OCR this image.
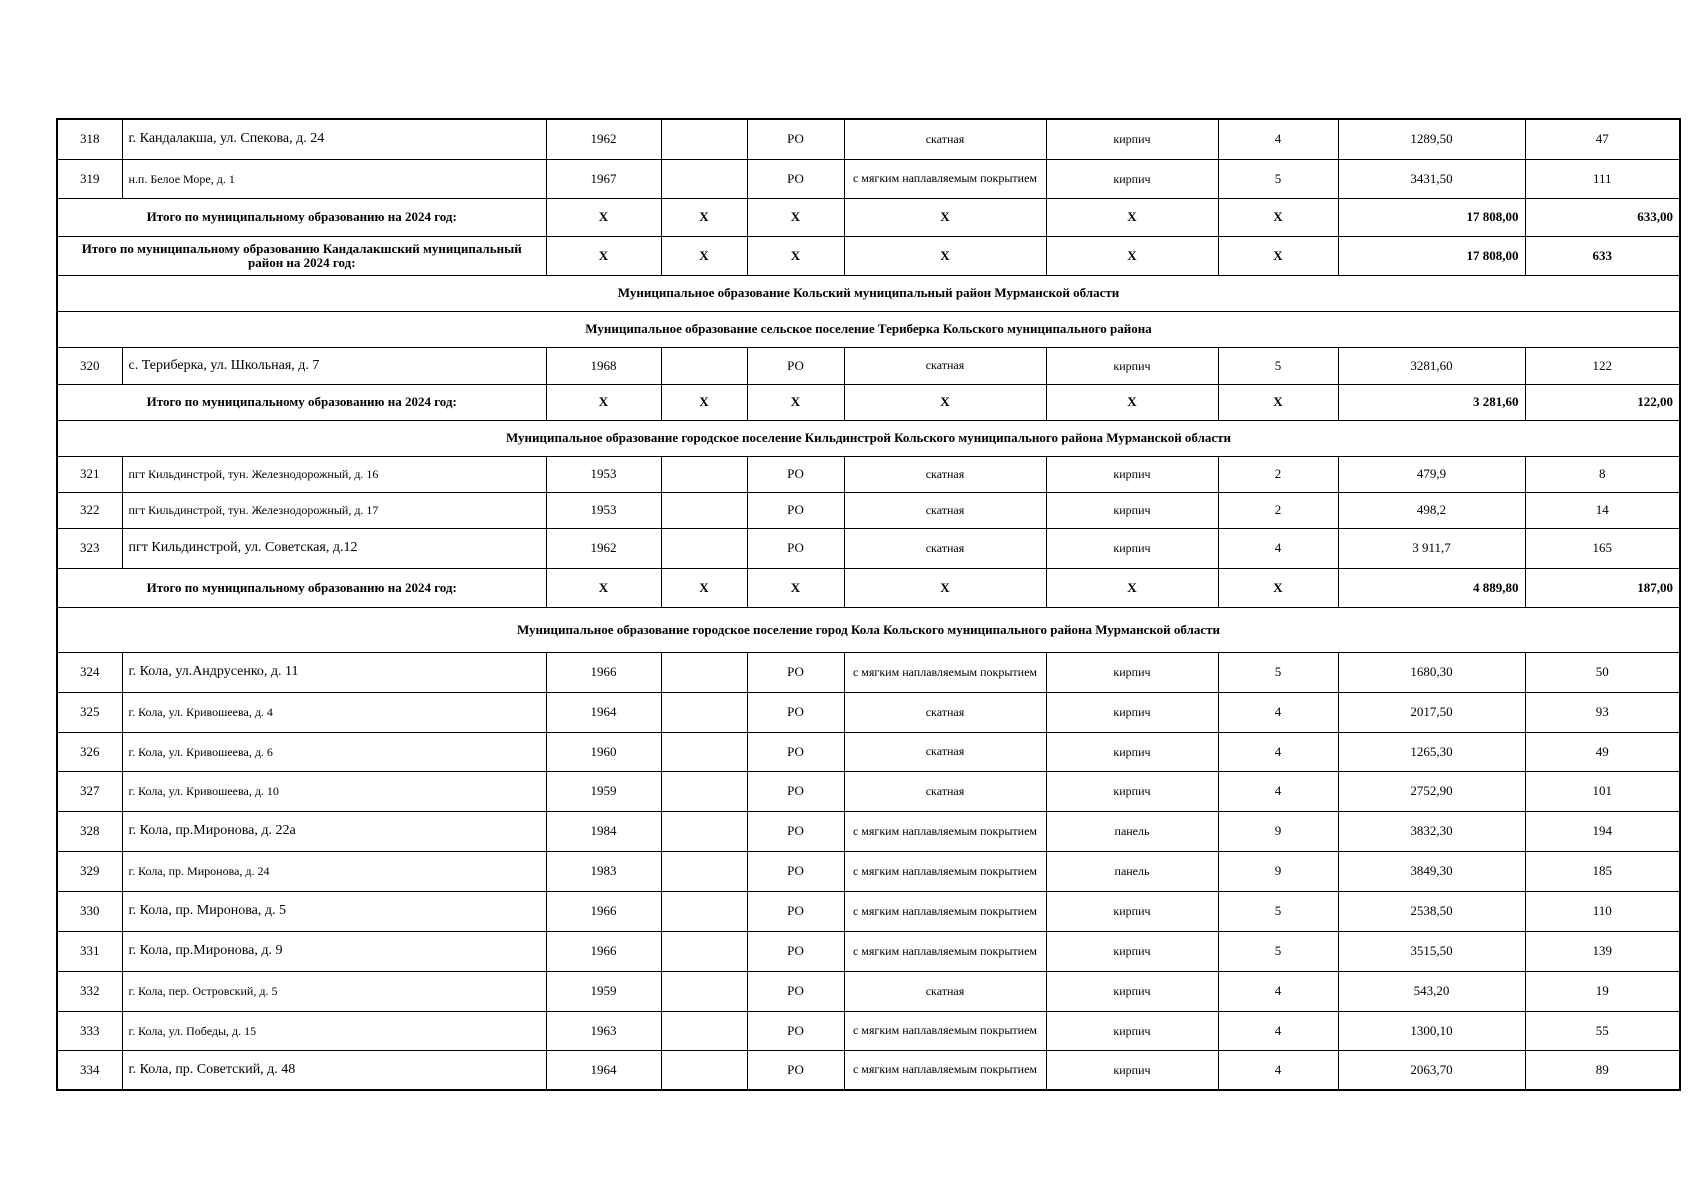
318	г. Кандалакша, ул. Спекова, д. 24	1962		РО	скатная	кирпич	4	1289,50	47
319	н.п. Белое Море, д. 1	1967		РО	с мягким наплавляемым покрытием	кирпич	5	3431,50	111
Итого по муниципальному образованию на 2024 год:		Х	Х	Х	Х	Х	Х	17 808,00	633,00
Итого по муниципальному образованию Кандалакшский муниципальный район на 2024 год:		Х	Х	Х	Х	Х	Х	17 808,00	633
Муниципальное образование Кольский муниципальный район Мурманской области									
Муниципальное образование сельское поселение Териберка Кольского муниципального района									
320	с. Териберка, ул. Школьная, д. 7	1968		РО	скатная	кирпич	5	3281,60	122
Итого по муниципальному образованию на 2024 год:		Х	Х	Х	Х	Х	Х	3 281,60	122,00
Муниципальное образование городское поселение Кильдинстрой Кольского муниципального района Мурманской области									
321	пгт Кильдинстрой, тун. Железнодорожный, д. 16	1953		РО	скатная	кирпич	2	479,9	8
322	пгт Кильдинстрой, тун. Железнодорожный, д. 17	1953		РО	скатная	кирпич	2	498,2	14
323	пгт Кильдинстрой, ул. Советская, д.12	1962		РО	скатная	кирпич	4	3 911,7	165
Итого по муниципальному образованию на 2024 год:		Х	Х	Х	Х	Х	Х	4 889,80	187,00
Муниципальное образование городское поселение город Кола Кольского муниципального района Мурманской области									
324	г. Кола, ул.Андрусенко, д. 11	1966		РО	с мягким наплавляемым покрытием	кирпич	5	1680,30	50
325	г. Кола, ул. Кривошеева, д. 4	1964		РО	скатная	кирпич	4	2017,50	93
326	г. Кола, ул. Кривошеева, д. 6	1960		РО	скатная	кирпич	4	1265,30	49
327	г. Кола, ул. Кривошеева, д. 10	1959		РО	скатная	кирпич	4	2752,90	101
328	г. Кола, пр.Миронова, д. 22а	1984		РО	с мягким наплавляемым покрытием	панель	9	3832,30	194
329	г. Кола, пр. Миронова, д. 24	1983		РО	с мягким наплавляемым покрытием	панель	9	3849,30	185
330	г. Кола, пр. Миронова, д. 5	1966		РО	с мягким наплавляемым покрытием	кирпич	5	2538,50	110
331	г. Кола, пр.Миронова, д. 9	1966		РО	с мягким наплавляемым покрытием	кирпич	5	3515,50	139
332	г. Кола, пер. Островский, д. 5	1959		РО	скатная	кирпич	4	543,20	19
333	г. Кола, ул. Победы, д. 15	1963		РО	с мягким наплавляемым покрытием	кирпич	4	1300,10	55
334	г. Кола, пр. Советский, д. 48	1964		РО	с мягким наплавляемым покрытием	кирпич	4	2063,70	89
